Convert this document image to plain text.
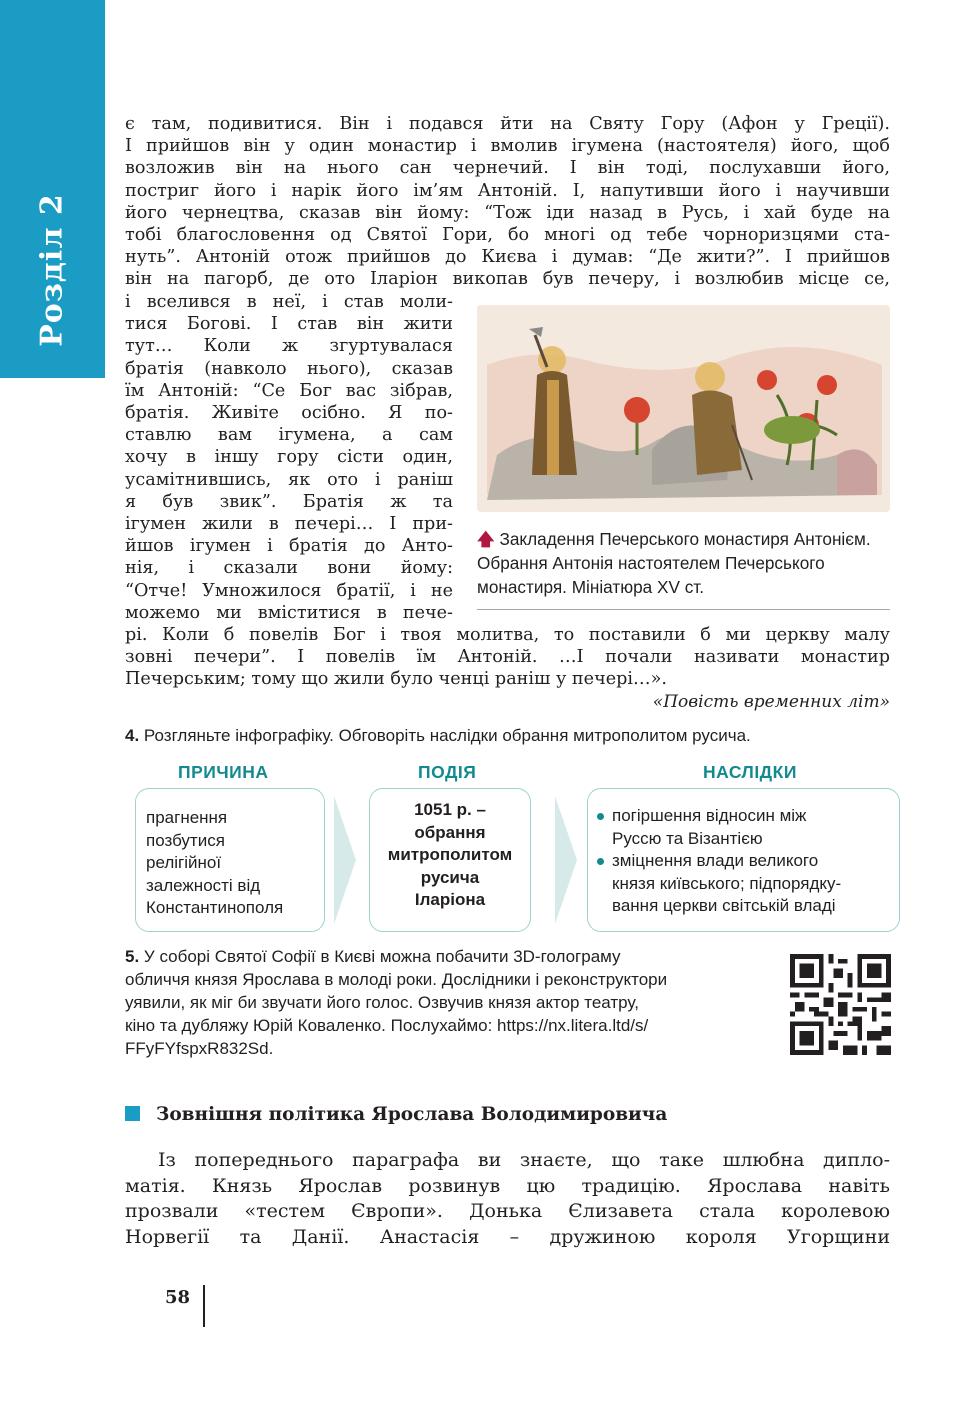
Розділ 2
є там, подивитися. Він і подався йти на Святу Гору (Афон у Греції).
І прийшов він у один монастир і вмолив ігумена (настоятеля) його, щоб
возложив він на нього сан чернечий. І він тоді, послухавши його,
постриг його і нарік його ім’ям Антоній. І, напутивши його і научивши
його чернецтва, сказав він йому: “Тож іди назад в Русь, і хай буде на
тобі благословення од Святої Гори, бо многі од тебе чорноризцями ста-
нуть”. Антоній отож прийшов до Києва і думав: “Де жити?”. І прийшов
він на пагорб, де ото Іларіон викопав був печеру, і возлюбив місце се,
і вселився в неї, і став моли-
тися Богові. І став він жити
тут… Коли ж згуртувалася
братія (навколо нього), сказав
їм Антоній: “Се Бог вас зібрав,
братія. Живіте осібно. Я по-
ставлю вам ігумена, а сам
хочу в іншу гору сісти один,
усамітнившись, як ото і раніш
я був звик”. Братія ж та
ігумен жили в печері… І при-
йшов ігумен і братія до Анто-
нія, і сказали вони йому:
“Отче! Умножилося братії, і не
можемо ми вміститися в пече-
🡅 Закладення Печерського монастиря Антонієм. Обрання Антонія настоятелем Печерського монастиря. Мініатюра XV ст.
рі. Коли б повелів Бог і твоя молитва, то поставили б ми церкву малу
зовні печери”. І повелів їм Антоній. …І почали називати монастир
Печерським; тому що жили було ченці раніш у печері…».
«Повість временних літ»
4. Розгляньте інфографіку. Обговоріть наслідки обрання митрополитом русича.
ПРИЧИНА	ПОДІЯ	НАСЛІДКИ
прагнення
позбутися
релігійної
залежності від
Константинополя
1051 р. –
обрання
митрополитом
русича
Іларіона
погіршення відносин між
Руссю та Візантією
зміцнення влади великого
князя київського; підпорядку-
вання церкви світській владі
5. У соборі Святої Софії в Києві можна побачити 3D-голограму
обличчя князя Ярослава в молоді роки. Дослідники і реконструктори
уявили, як міг би звучати його голос. Озвучив князя актор театру,
кіно та дубляжу Юрій Коваленко. Послухаймо: https://nx.litera.ltd/s/
FFyFYfspxR832Sd.
Зовнішня політика Ярослава Володимировича
Із попереднього параграфа ви знаєте, що таке шлюбна дипло-
матія. Князь Ярослав розвинув цю традицію. Ярослава навіть
прозвали «тестем Європи». Донька Єлизавета стала королевою
Норвегії та Данії. Анастасія – дружиною короля Угорщини
58
